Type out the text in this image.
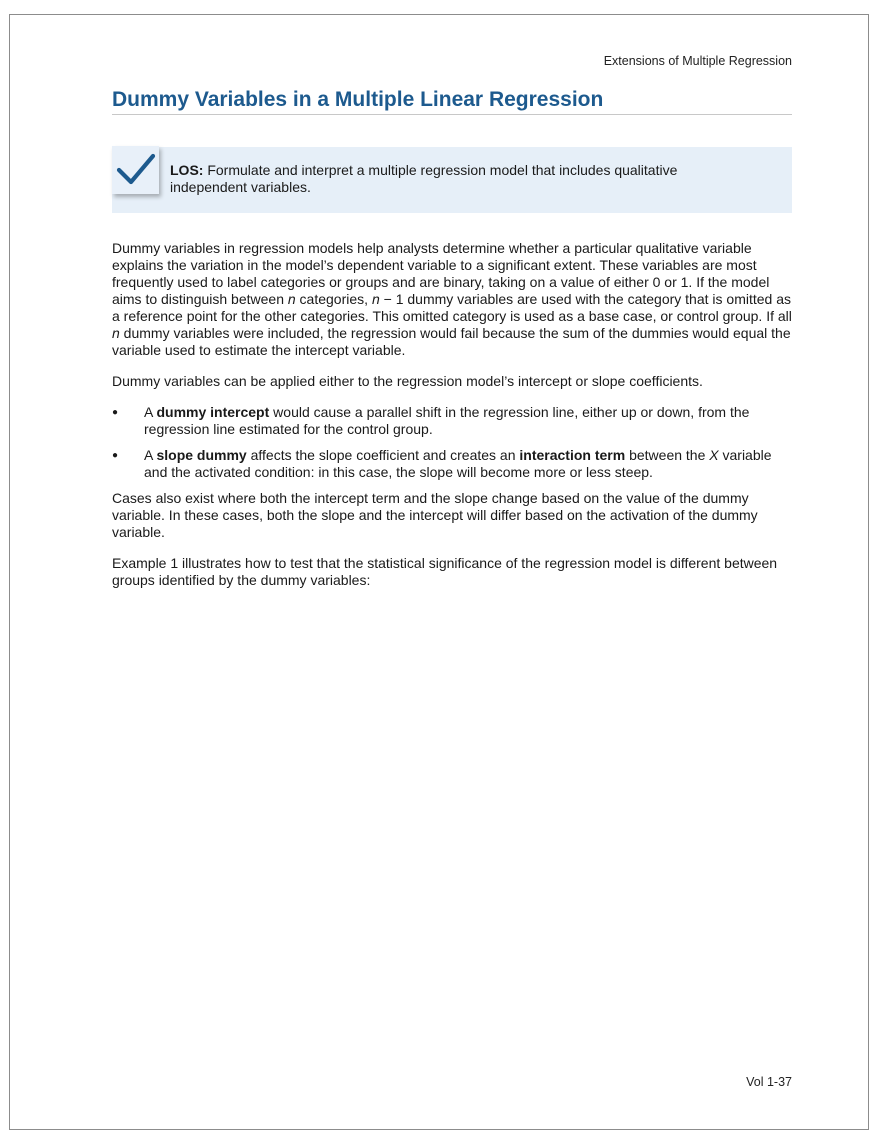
Extensions of Multiple Regression
Dummy Variables in a Multiple Linear Regression
LOS: Formulate and interpret a multiple regression model that includes qualitative independent variables.

Dummy variables in regression models help analysts determine whether a particular qualitative variable explains the variation in the model’s dependent variable to a significant extent. These variables are most frequently used to label categories or groups and are binary, taking on a value of either 0 or 1. If the model aims to distinguish between n categories, n − 1 dummy variables are used with the category that is omitted as a reference point for the other categories. This omitted category is used as a base case, or control group. If all n dummy variables were included, the regression would fail because the sum of the dummies would equal the variable used to estimate the intercept variable.

Dummy variables can be applied either to the regression model’s intercept or slope coefficients.

●	A dummy intercept would cause a parallel shift in the regression line, either up or down, from the regression line estimated for the control group.
●	A slope dummy affects the slope coefficient and creates an interaction term between the X variable and the activated condition: in this case, the slope will become more or less steep.

Cases also exist where both the intercept term and the slope change based on the value of the dummy variable. In these cases, both the slope and the intercept will differ based on the activation of the dummy variable.

Example 1 illustrates how to test that the statistical significance of the regression model is different between groups identified by the dummy variables:

Vol 1-37
